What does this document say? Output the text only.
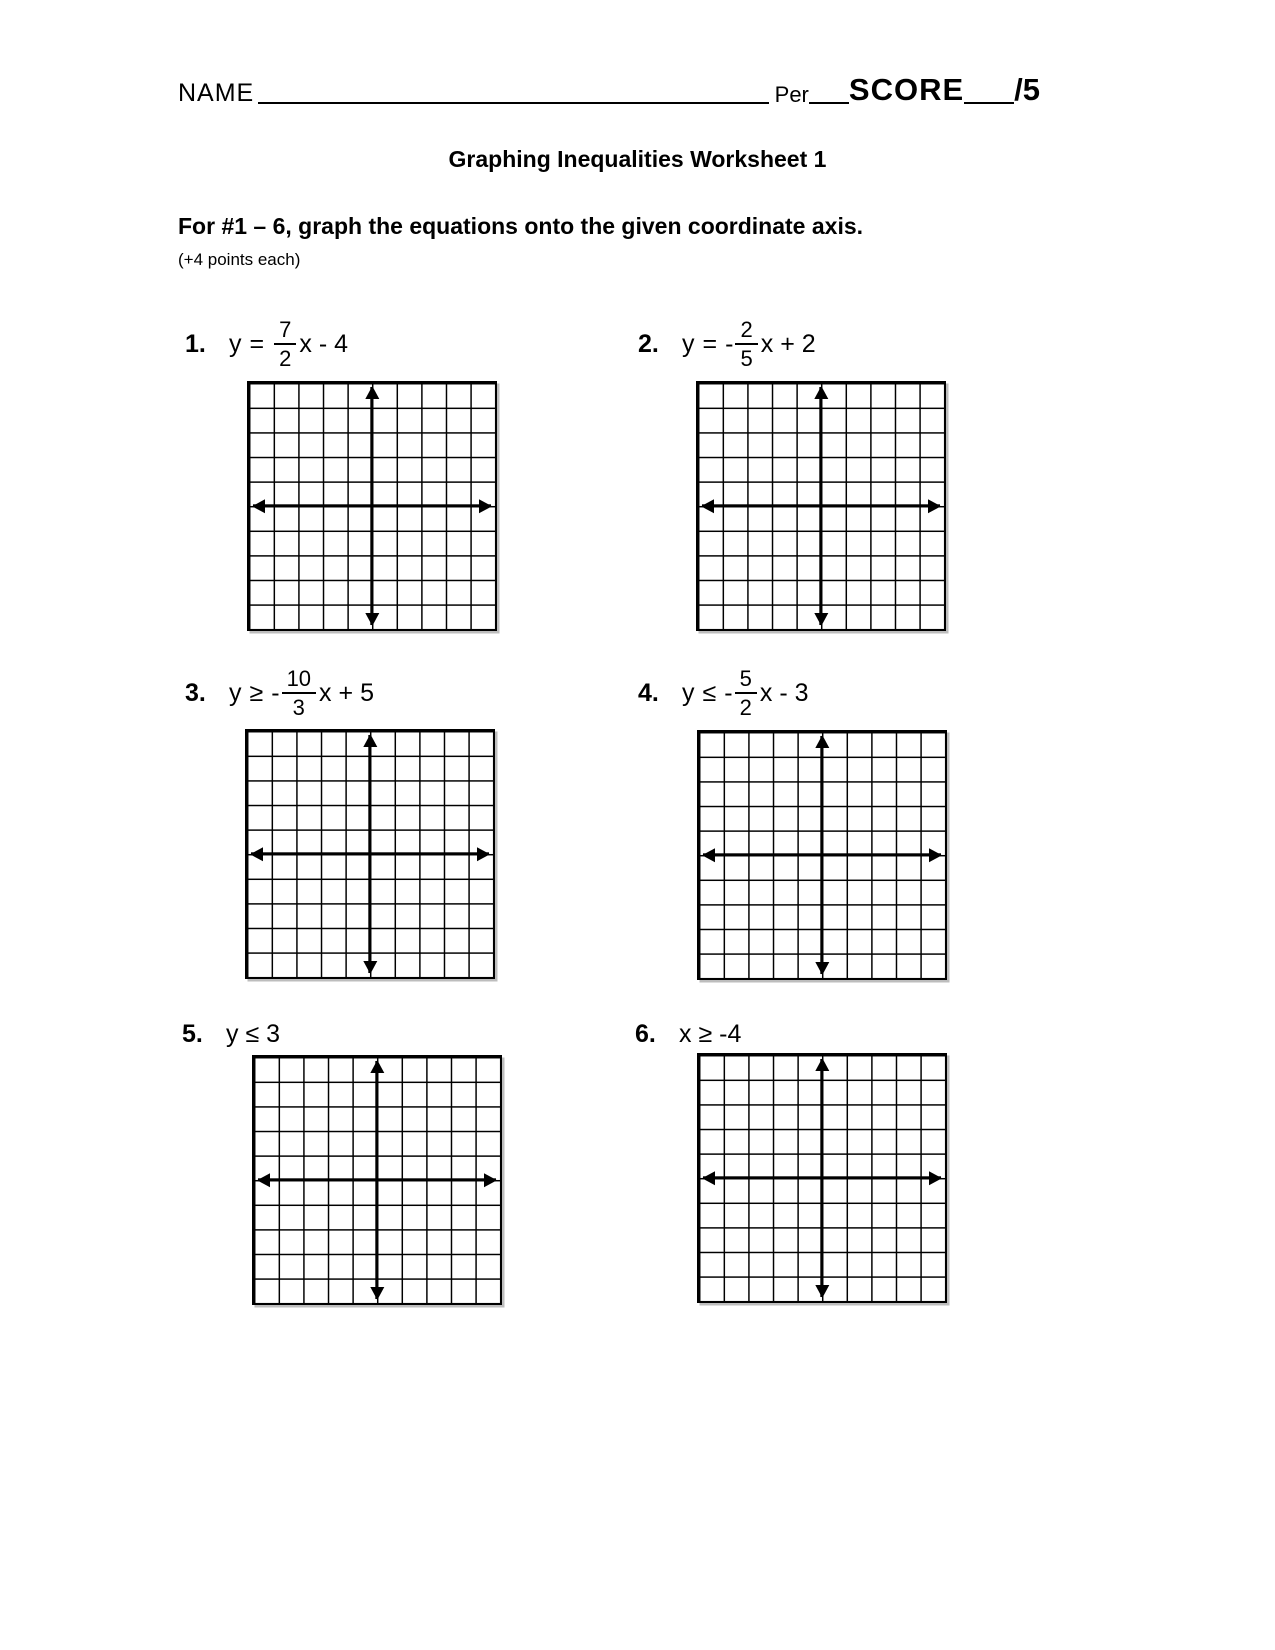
NAME	Per SCORE /5
Graphing Inequalities Worksheet 1
For #1 – 6, graph the equations onto the given coordinate axis.
(+4 points each)
1. $y = \frac{7}{2}$ x - 4	2. y = - $\frac{2}{5}$ x + 2
3. y ≥ - $\frac{10}{3}$ x + 5	4. y ≤ - $\frac{5}{2}$ x - 3
5. y ≤ 3	6. x ≥ -4
